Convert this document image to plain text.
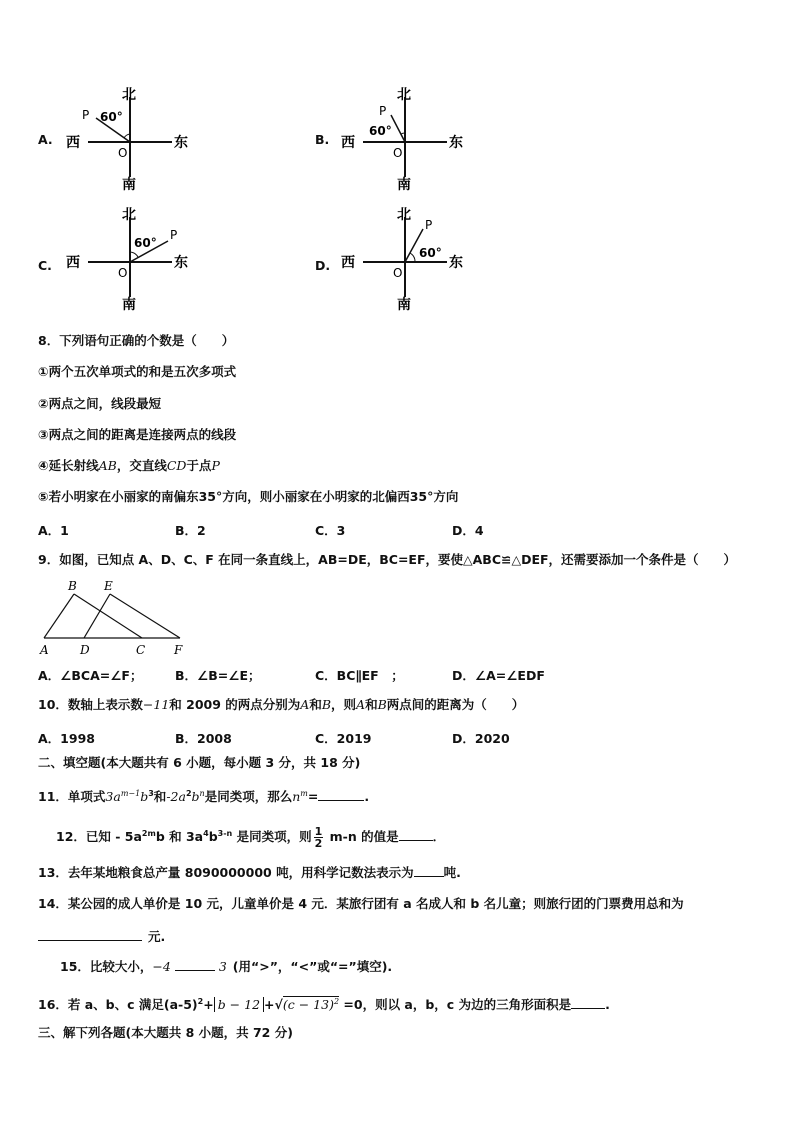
A.
北
南
西	东
O
P 60°
B.
北
南
西	东
O
P
60°
C.
北
南
西	东
O
P
60°
D.
北
南
西	东
O
P
60°
8．下列语句正确的个数是（　　）
①两个五次单项式的和是五次多项式
②两点之间，线段最短
③两点之间的距离是连接两点的线段
④延长射线AB，交直线CD于点P
⑤若小明家在小丽家的南偏东35°方向，则小丽家在小明家的北偏西35°方向
A．1	B．2	C．3	D．4
9．如图，已知点 A、D、C、F 在同一条直线上，AB=DE，BC=EF，要使△ABC≌△DEF，还需要添加一个条件是（　　）
B E
A	D	C F
A．∠BCA=∠F；	B．∠B=∠E；	C．BC∥EF　；	D．∠A=∠EDF
10．数轴上表示数−11和 2009 的两点分别为A和B，则A和B两点间的距离为（　　）
A．1998	B．2008	C．2019	D．2020
二、填空题(本大题共有 6 小题，每小题 3 分，共 18 分)
11．单项式$3a^{m-1}b^3$和$-2a^2b^n$是同类项，那么$n^m=$	.
12．已知 - $5a^{2m}b$ 和 $3a^4b^{3-n}$ 是同类项，则 $\frac{1}{2} m-n$ 的值是	．
13．去年某地粮食总产量 8090000000 吨，用科学记数法表示为 吨.
14．某公园的成人单价是 10 元，儿童单价是 4 元．某旅行团有 a 名成人和 b 名儿童；则旅行团的门票费用总和为
元.
15．比较大小，−4	3 (用“>”，“<”或“=”填空).
16．若 a、b、c 满足$(a-5)^2+ b - 12 +√(c - 13)^2 =0$，则以 a，b，c 为边的三角形面积是	.
三、解下列各题(本大题共 8 小题，共 72 分)
